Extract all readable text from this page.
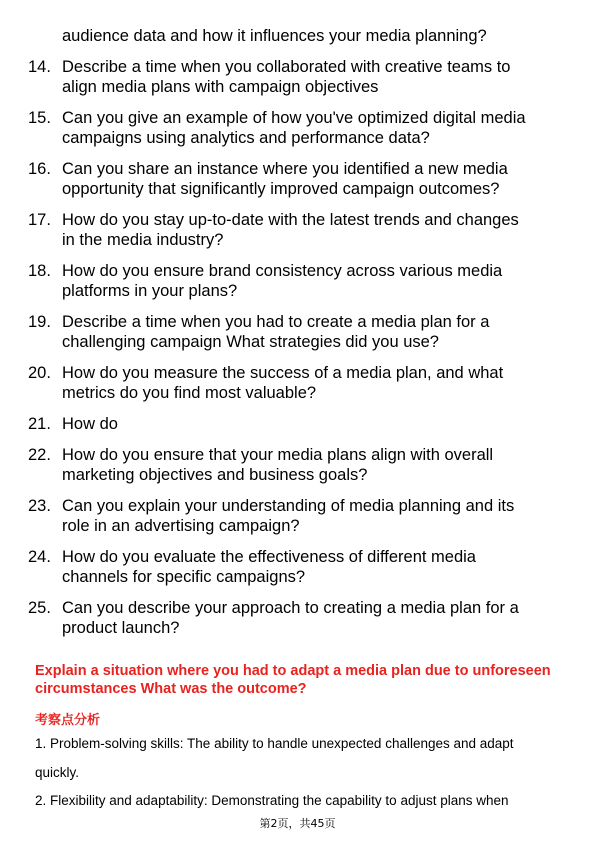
audience data and how it influences your media planning?
14. Describe a time when you collaborated with creative teams to
align media plans with campaign objectives
15. Can you give an example of how you've optimized digital media
campaigns using analytics and performance data?
16. Can you share an instance where you identified a new media
opportunity that significantly improved campaign outcomes?
17. How do you stay up-to-date with the latest trends and changes
in the media industry?
18. How do you ensure brand consistency across various media
platforms in your plans?
19. Describe a time when you had to create a media plan for a
challenging campaign What strategies did you use?
20. How do you measure the success of a media plan, and what
metrics do you find most valuable?
21. How do
22. How do you ensure that your media plans align with overall
marketing objectives and business goals?
23. Can you explain your understanding of media planning and its
role in an advertising campaign?
24. How do you evaluate the effectiveness of different media
channels for specific campaigns?
25. Can you describe your approach to creating a media plan for a
product launch?
Explain a situation where you had to adapt a media plan due to unforeseen
circumstances What was the outcome?
考察点分析
1. Problem-solving skills: The ability to handle unexpected challenges and adapt
quickly.
2. Flexibility and adaptability: Demonstrating the capability to adjust plans when
第2页，共45页
